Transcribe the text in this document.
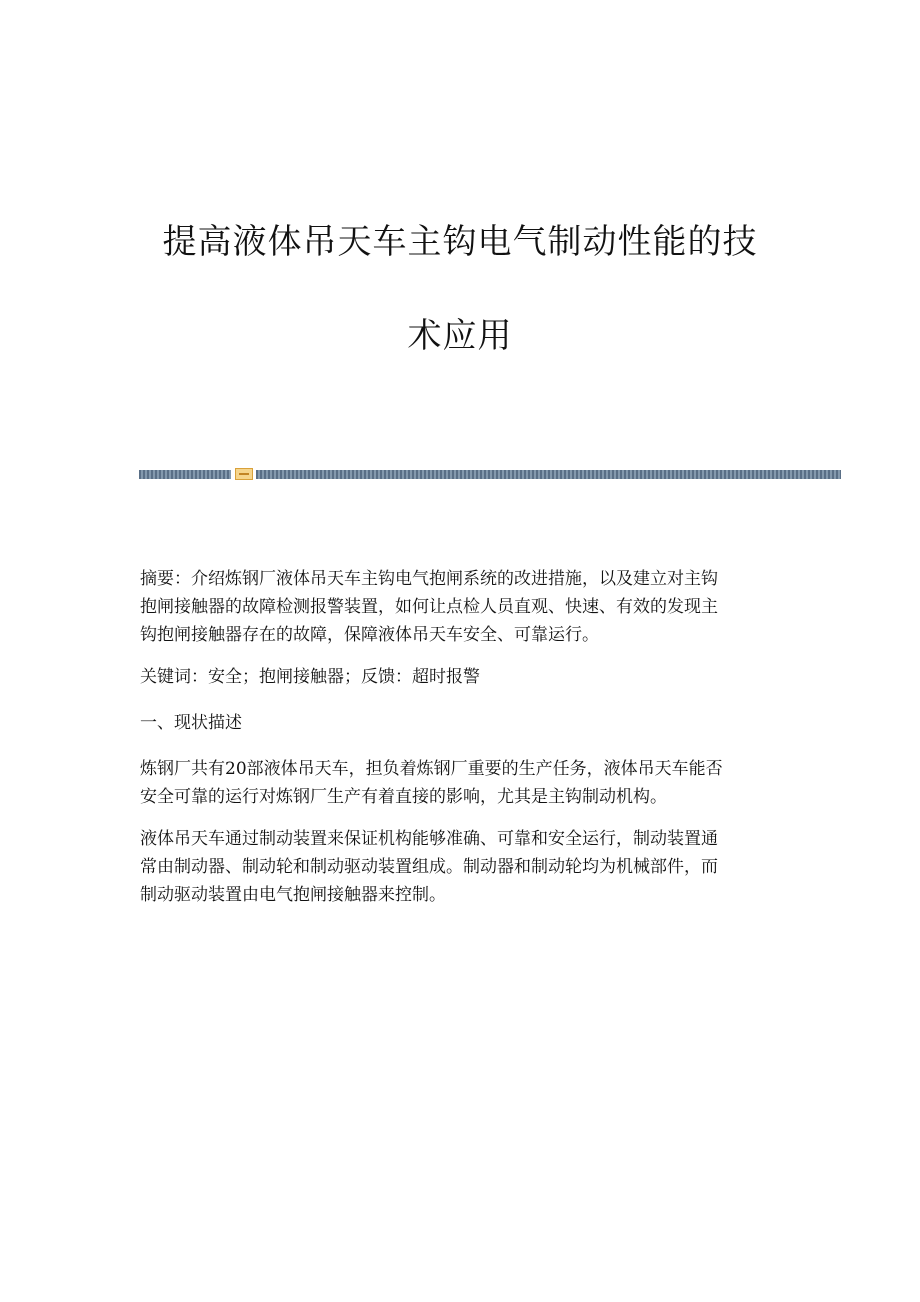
提高液体吊天车主钩电气制动性能的技
术应用

摘要：介绍炼钢厂液体吊天车主钩电气抱闸系统的改进措施，以及建立对主钩
抱闸接触器的故障检测报警装置，如何让点检人员直观、快速、有效的发现主
钩抱闸接触器存在的故障，保障液体吊天车安全、可靠运行。

关键词：安全；抱闸接触器；反馈：超时报警

一、现状描述

炼钢厂共有20部液体吊天车，担负着炼钢厂重要的生产任务，液体吊天车能否
安全可靠的运行对炼钢厂生产有着直接的影响，尤其是主钩制动机构。

液体吊天车通过制动装置来保证机构能够准确、可靠和安全运行，制动装置通
常由制动器、制动轮和制动驱动装置组成。制动器和制动轮均为机械部件，而
制动驱动装置由电气抱闸接触器来控制。
